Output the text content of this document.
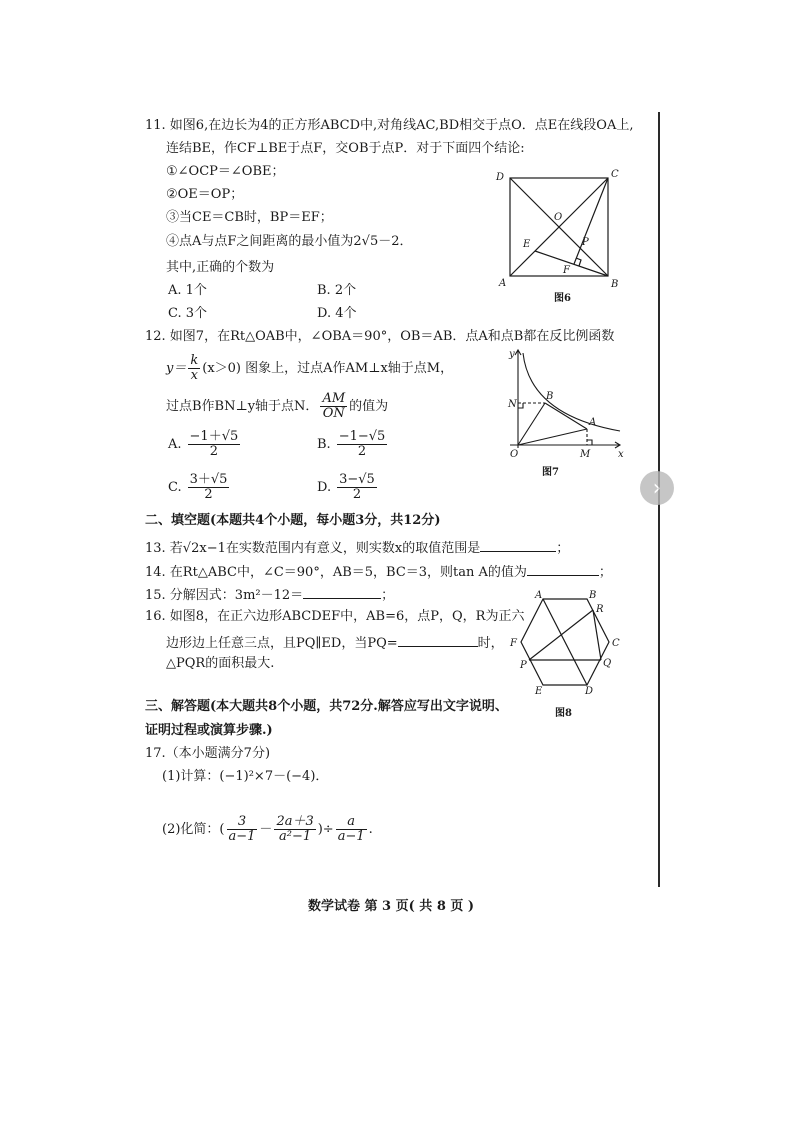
11. 如图6,在边长为4的正方形ABCD中,对角线AC,BD相交于点O．点E在线段OA上,
连结BE，作CF⊥BE于点F，交OB于点P．对于下面四个结论:
①∠OCP＝∠OBE；
②OE＝OP；
③当CE＝CB时，BP＝EF；
④点A与点F之间距离的最小值为2√5－2．
其中,正确的个数为
A. 1个	B. 2个
C. 3个	D. 4个
D	C
A	B
O
E	P
F
图6
12. 如图7，在Rt△OAB中，∠OBA＝90°，OB＝AB．点A和点B都在反比例函数
$y= \frac{k}{x} (x>0)$ 图象上，过点A作AM⊥x轴于点M，
过点B作BN⊥y轴于点N． $\frac{AM}{ON}$ 的值为
A. $\frac{-1+√5}{2}$	B. $\frac{-1-√5}{2}$
C. $\frac{3+√5}{2}$	D. $\frac{3-√5}{2}$
y
x
O
N
B
A
M
图7
二、填空题(本题共4个小题，每小题3分，共12分)
13. 若√2x−1在实数范围内有意义，则实数x的取值范围是	；
14. 在Rt△ABC中，∠C＝90°，AB＝5，BC＝3，则tan A的值为	；
15. 分解因式：3m²－12＝	；
16. 如图8，在正六边形ABCDEF中，AB=6，点P，Q，R为正六
边形边上任意三点，且PQ∥ED，当PQ=	时，
△PQR的面积最大.
A	B
R
C
F
P	Q
E	D
图8
三、解答题(本大题共8个小题，共72分.解答应写出文字说明、
证明过程或演算步骤.)
17.（本小题满分7分)
(1)计算：(−1)²×7－(−4)．
(2)化简：( $\frac{3}{a-1} - \frac{2a+3}{\text{a²−1}}$ )÷ $\frac{a}{a-1}$ .
数学试卷 第 3 页( 共 8 页 )
›
